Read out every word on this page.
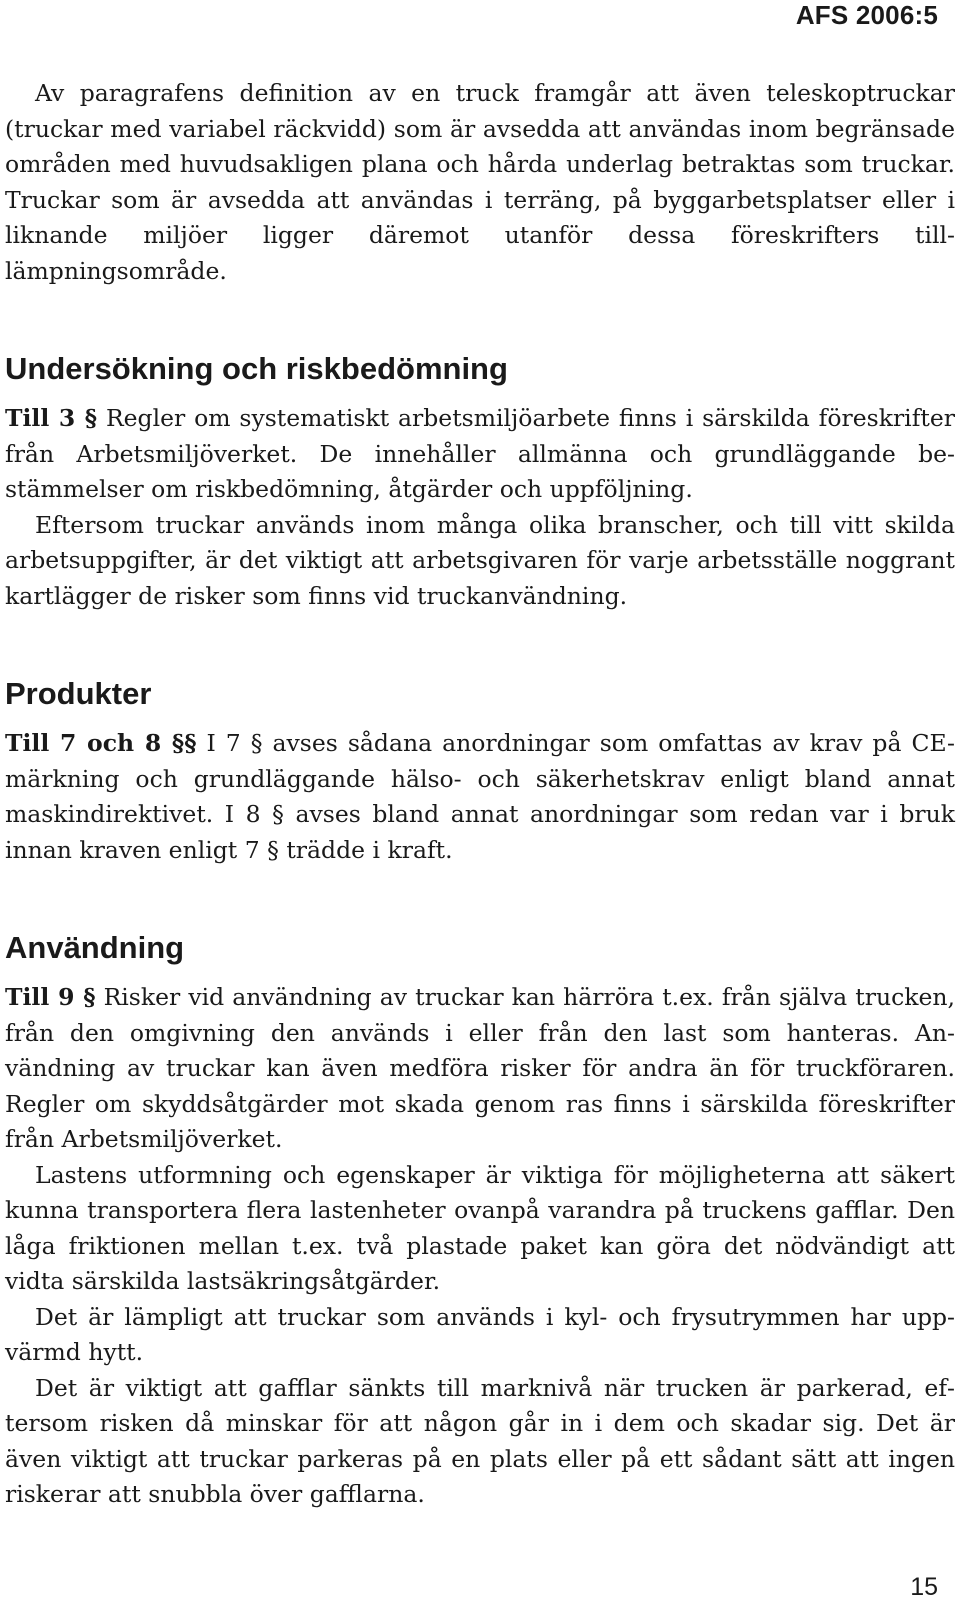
AFS 2006:5

Av paragrafens definition av en truck framgår att även teleskoptruckar (truckar med variabel räckvidd) som är avsedda att användas inom begränsade områden med huvudsakligen plana och hårda underlag betraktas som truckar. Truckar som är avsedda att användas i terräng, på byggarbetsplatser eller i liknande miljöer ligger däremot utanför dessa föreskrifters tilllämpningsområde.

Undersökning och riskbedömning

Till 3 § Regler om systematiskt arbetsmiljöarbete finns i särskilda föreskrifter från Arbetsmiljöverket. De innehåller allmänna och grundläggande bestämmelser om riskbedömning, åtgärder och uppföljning.

Eftersom truckar används inom många olika branscher, och till vitt skilda arbetsuppgifter, är det viktigt att arbetsgivaren för varje arbetsställe noggrant kartlägger de risker som finns vid truckanvändning.

Produkter

Till 7 och 8 §§ I 7 § avses sådana anordningar som omfattas av krav på CE-märkning och grundläggande hälso- och säkerhetskrav enligt bland annat maskindirektivet. I 8 § avses bland annat anordningar som redan var i bruk innan kraven enligt 7 § trädde i kraft.

Användning

Till 9 § Risker vid användning av truckar kan härröra t.ex. från själva trucken, från den omgivning den används i eller från den last som hanteras. Användning av truckar kan även medföra risker för andra än för truckföraren. Regler om skyddsåtgärder mot skada genom ras finns i särskilda föreskrifter från Arbetsmiljöverket.

Lastens utformning och egenskaper är viktiga för möjligheterna att säkert kunna transportera flera lastenheter ovanpå varandra på truckens gafflar. Den låga friktionen mellan t.ex. två plastade paket kan göra det nödvändigt att vidta särskilda lastsäkringsåtgärder.

Det är lämpligt att truckar som används i kyl- och frysutrymmen har uppvärmd hytt.

Det är viktigt att gafflar sänkts till marknivå när trucken är parkerad, eftersom risken då minskar för att någon går in i dem och skadar sig. Det är även viktigt att truckar parkeras på en plats eller på ett sådant sätt att ingen riskerar att snubbla över gafflarna.

15
